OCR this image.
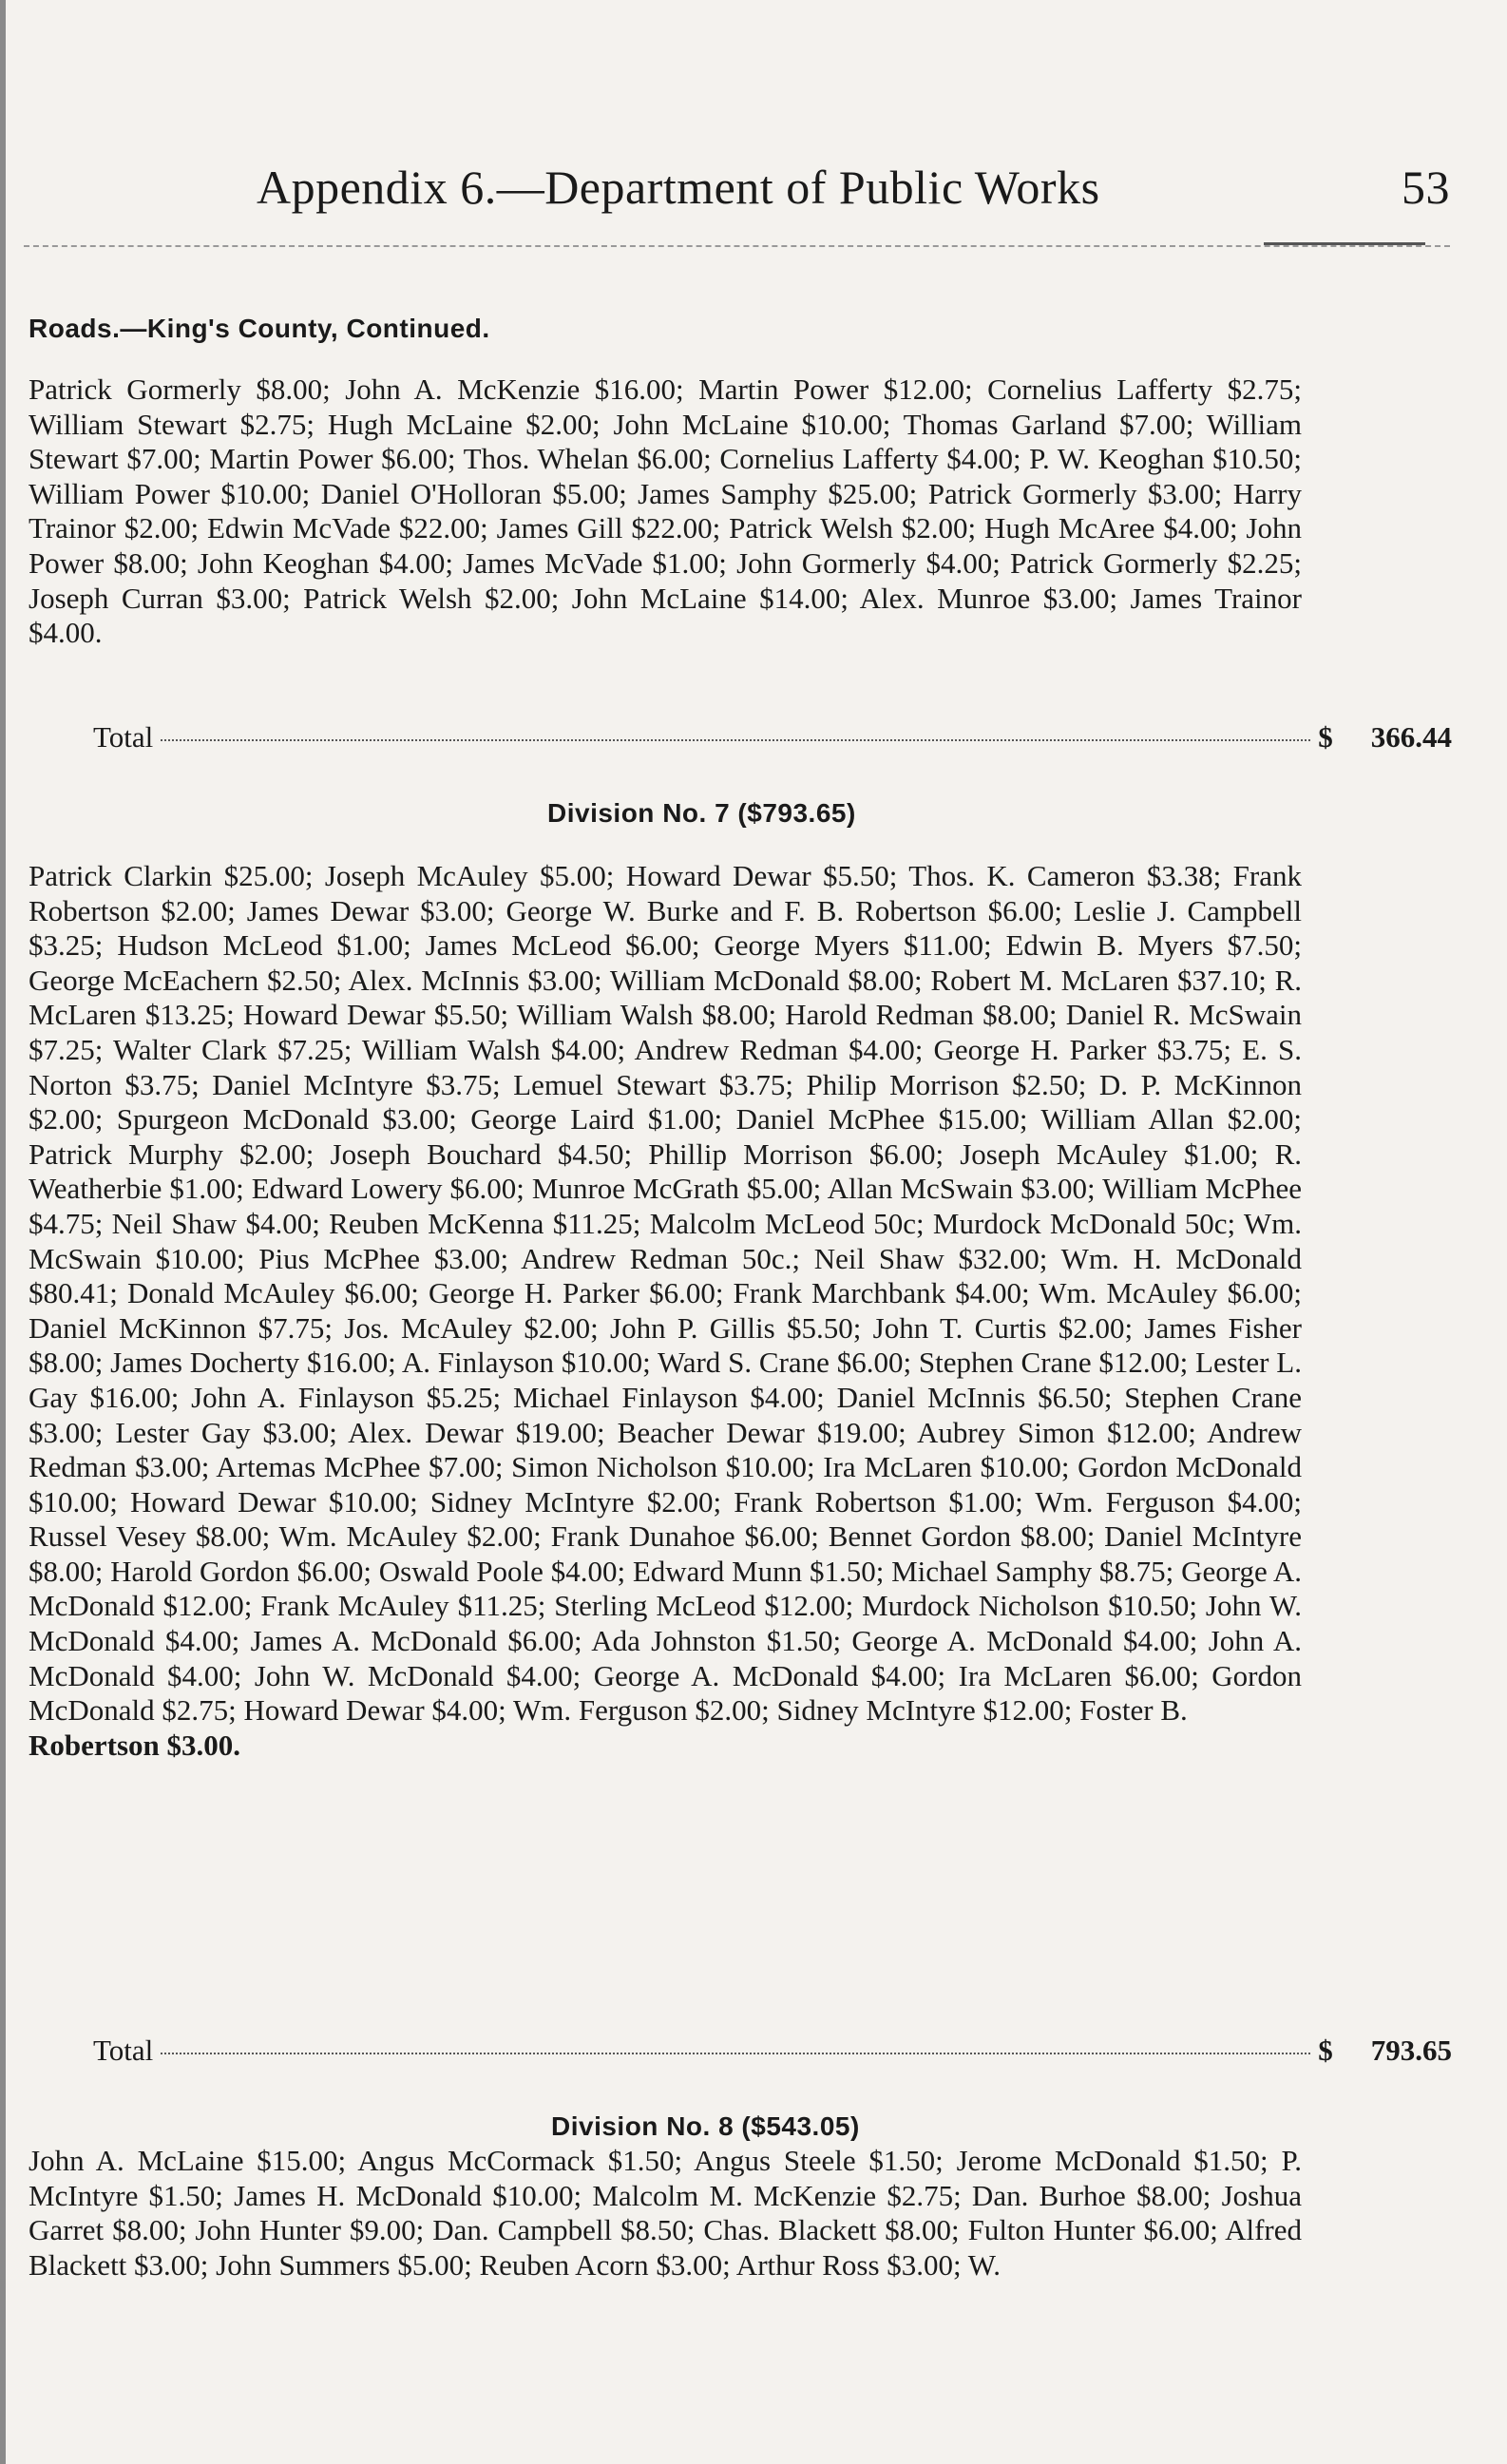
Appendix 6.—Department of Public Works	53
Roads.—King's County, Continued.
Patrick Gormerly $8.00; John A. McKenzie $16.00; Martin Power $12.00; Cornelius Lafferty $2.75; William Stewart $2.75; Hugh McLaine $2.00; John McLaine $10.00; Thomas Garland $7.00; William Stewart $7.00; Martin Power $6.00; Thos. Whelan $6.00; Cornelius Lafferty $4.00; P. W. Keoghan $10.50; William Power $10.00; Daniel O'Holloran $5.00; James Samphy $25.00; Patrick Gormerly $3.00; Harry Trainor $2.00; Edwin McVade $22.00; James Gill $22.00; Patrick Welsh $2.00; Hugh McAree $4.00; John Power $8.00; John Keoghan $4.00; James McVade $1.00; John Gormerly $4.00; Patrick Gormerly $2.25; Joseph Curran $3.00; Patrick Welsh $2.00; John McLaine $14.00; Alex. Munroe $3.00; James Trainor $4.00.
Total	$ 366.44
Division No. 7 ($793.65)
Patrick Clarkin $25.00; Joseph McAuley $5.00; Howard Dewar $5.50; Thos. K. Cameron $3.38; Frank Robertson $2.00; James Dewar $3.00; George W. Burke and F. B. Robertson $6.00; Leslie J. Campbell $3.25; Hudson McLeod $1.00; James McLeod $6.00; George Myers $11.00; Edwin B. Myers $7.50; George McEachern $2.50; Alex. McInnis $3.00; William McDonald $8.00; Robert M. McLaren $37.10; R. McLaren $13.25; Howard Dewar $5.50; William Walsh $8.00; Harold Redman $8.00; Daniel R. McSwain $7.25; Walter Clark $7.25; William Walsh $4.00; Andrew Redman $4.00; George H. Parker $3.75; E. S. Norton $3.75; Daniel McIntyre $3.75; Lemuel Stewart $3.75; Philip Morrison $2.50; D. P. McKinnon $2.00; Spurgeon McDonald $3.00; George Laird $1.00; Daniel McPhee $15.00; William Allan $2.00; Patrick Murphy $2.00; Joseph Bouchard $4.50; Phillip Morrison $6.00; Joseph McAuley $1.00; R. Weatherbie $1.00; Edward Lowery $6.00; Munroe McGrath $5.00; Allan McSwain $3.00; William McPhee $4.75; Neil Shaw $4.00; Reuben McKenna $11.25; Malcolm McLeod 50c; Murdock McDonald 50c; Wm. McSwain $10.00; Pius McPhee $3.00; Andrew Redman 50c.; Neil Shaw $32.00; Wm. H. McDonald $80.41; Donald McAuley $6.00; George H. Parker $6.00; Frank Marchbank $4.00; Wm. McAuley $6.00; Daniel McKinnon $7.75; Jos. McAuley $2.00; John P. Gillis $5.50; John T. Curtis $2.00; James Fisher $8.00; James Docherty $16.00; A. Finlayson $10.00; Ward S. Crane $6.00; Stephen Crane $12.00; Lester L. Gay $16.00; John A. Finlayson $5.25; Michael Finlayson $4.00; Daniel McInnis $6.50; Stephen Crane $3.00; Lester Gay $3.00; Alex. Dewar $19.00; Beacher Dewar $19.00; Aubrey Simon $12.00; Andrew Redman $3.00; Artemas McPhee $7.00; Simon Nicholson $10.00; Ira McLaren $10.00; Gordon McDonald $10.00; Howard Dewar $10.00; Sidney McIntyre $2.00; Frank Robertson $1.00; Wm. Ferguson $4.00; Russel Vesey $8.00; Wm. McAuley $2.00; Frank Dunahoe $6.00; Bennet Gordon $8.00; Daniel McIntyre $8.00; Harold Gordon $6.00; Oswald Poole $4.00; Edward Munn $1.50; Michael Samphy $8.75; George A. McDonald $12.00; Frank McAuley $11.25; Sterling McLeod $12.00; Murdock Nicholson $10.50; John W. McDonald $4.00; James A. McDonald $6.00; Ada Johnston $1.50; George A. McDonald $4.00; John A. McDonald $4.00; John W. McDonald $4.00; George A. McDonald $4.00; Ira McLaren $6.00; Gordon McDonald $2.75; Howard Dewar $4.00; Wm. Ferguson $2.00; Sidney McIntyre $12.00; Foster B.
Robertson $3.00.
Total	$ 793.65
Division No. 8 ($543.05)
John A. McLaine $15.00; Angus McCormack $1.50; Angus Steele $1.50; Jerome McDonald $1.50; P. McIntyre $1.50; James H. McDonald $10.00; Malcolm M. McKenzie $2.75; Dan. Burhoe $8.00; Joshua Garret $8.00; John Hunter $9.00; Dan. Campbell $8.50; Chas. Blackett $8.00; Fulton Hunter $6.00; Alfred Blackett $3.00; John Summers $5.00; Reuben Acorn $3.00; Arthur Ross $3.00; W.
